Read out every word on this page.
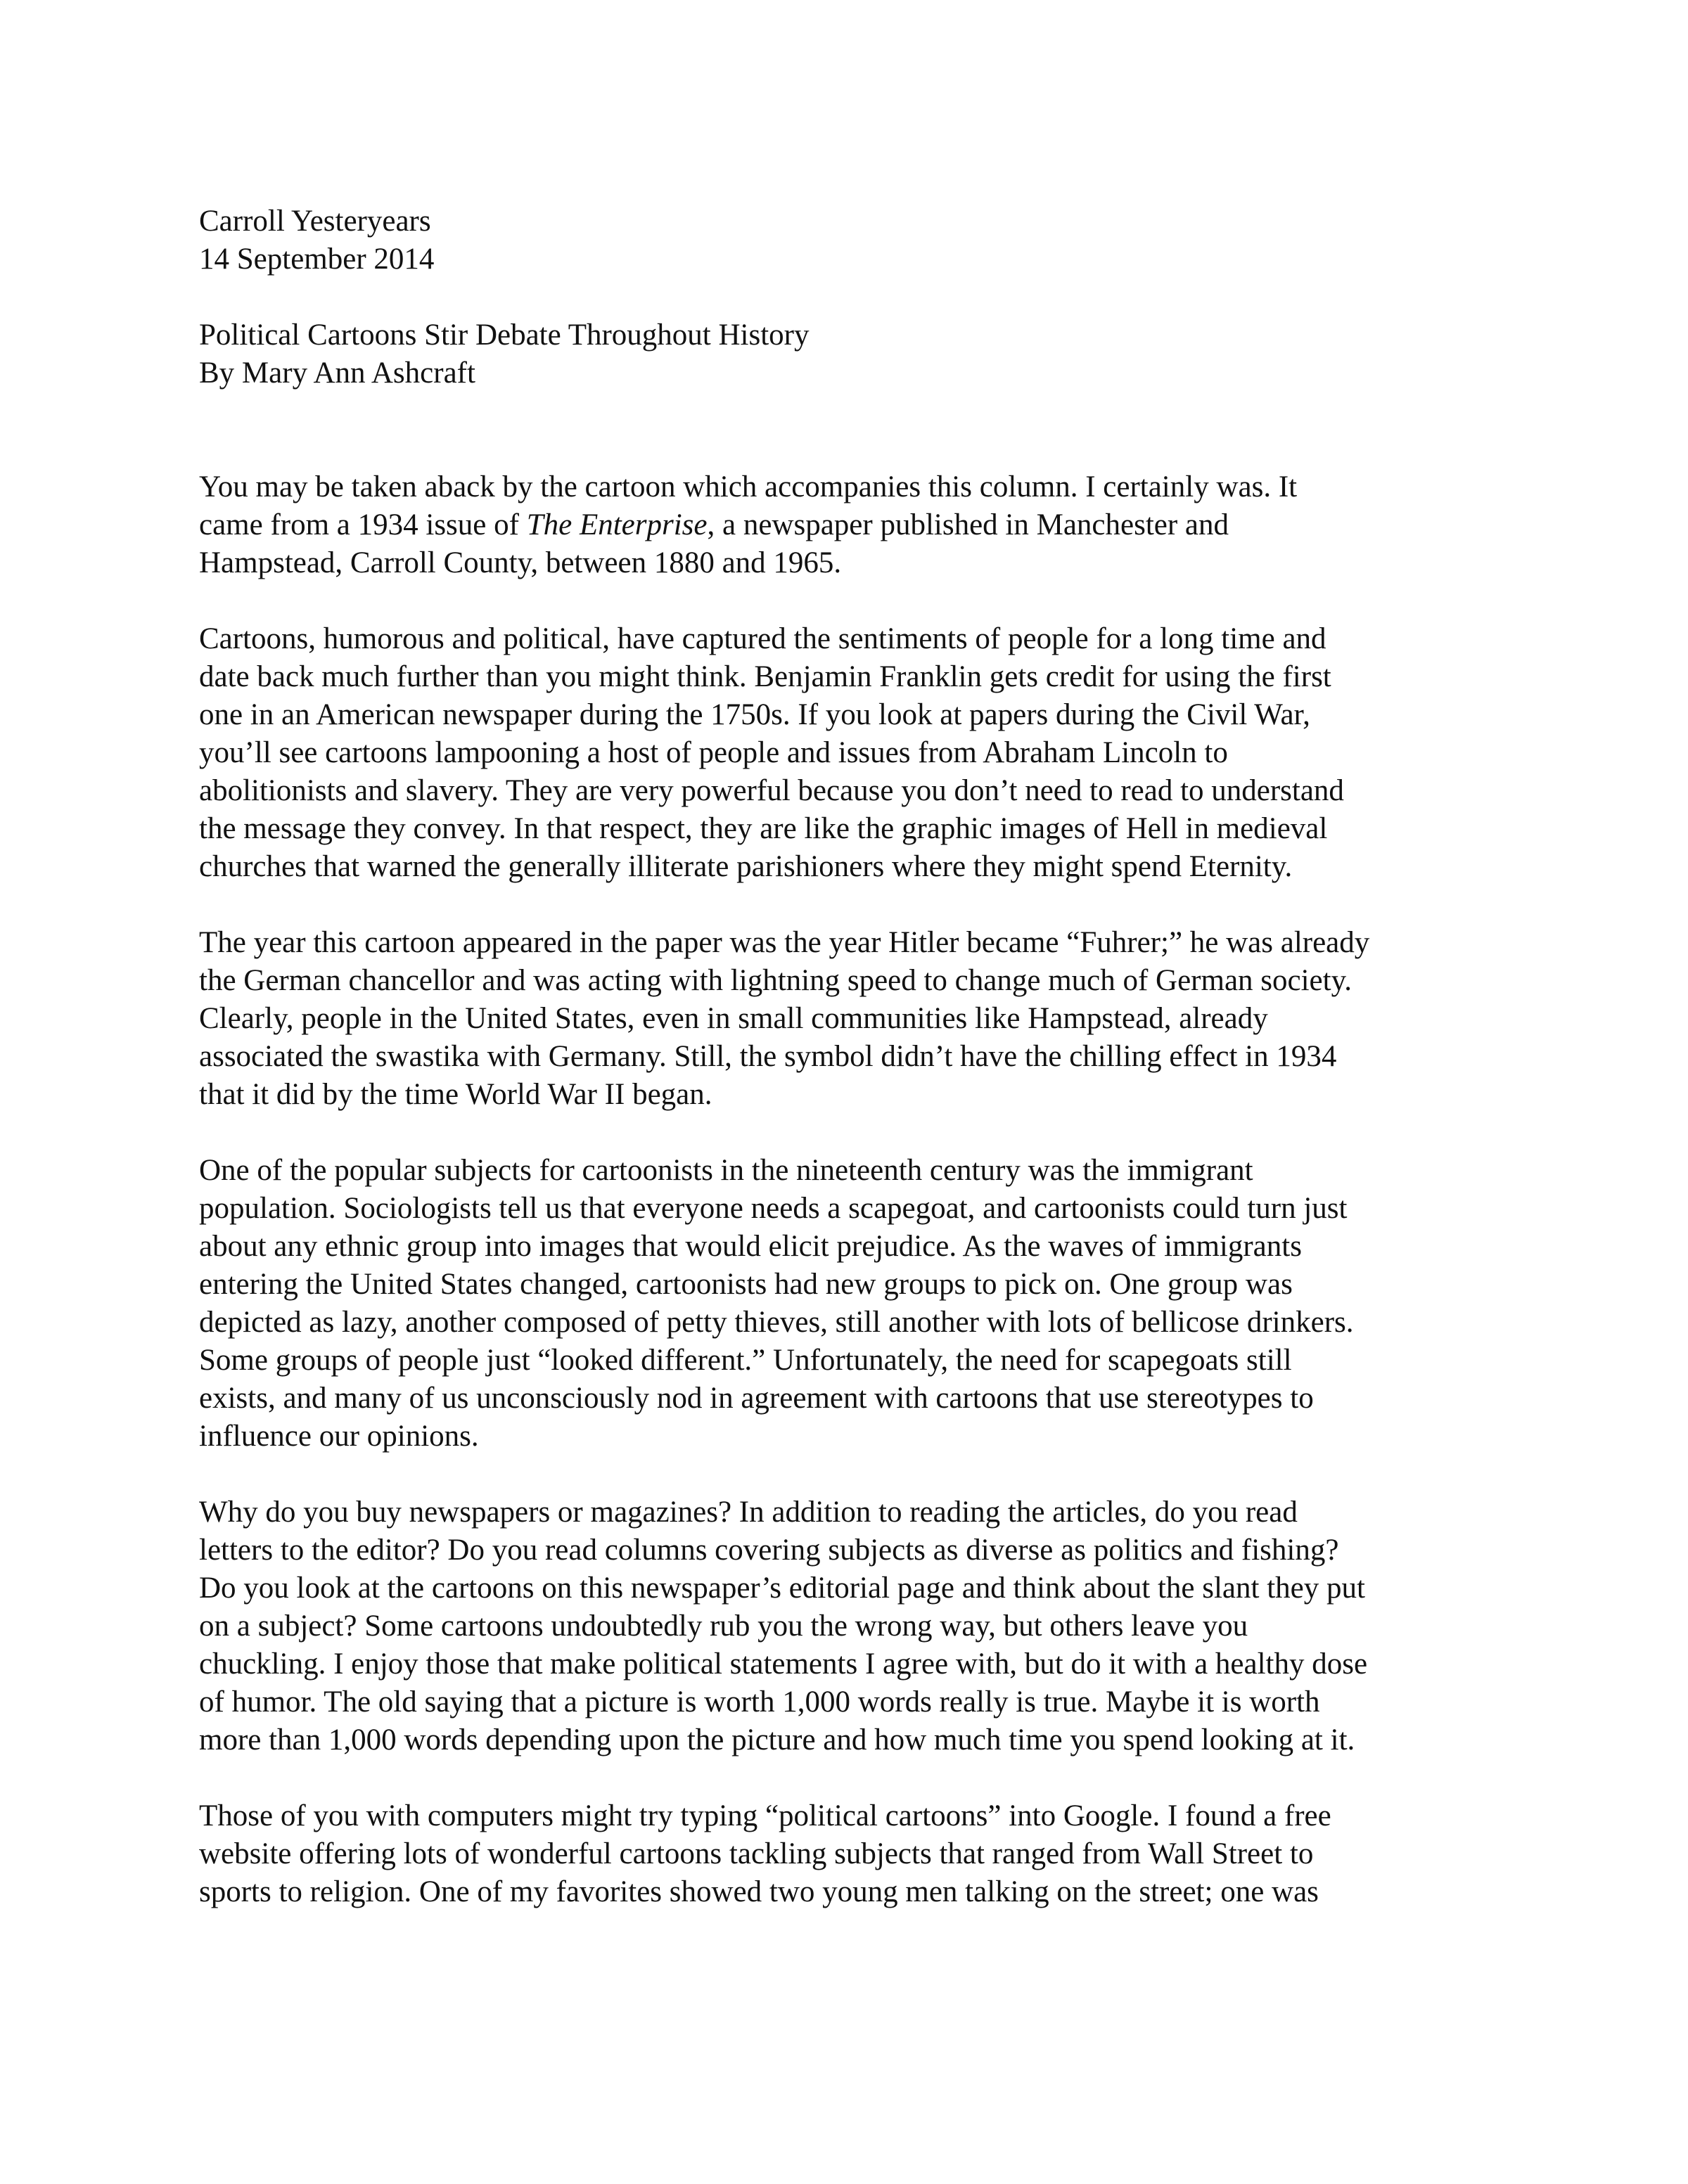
Carroll Yesteryears
14 September 2014
Political Cartoons Stir Debate Throughout History
By Mary Ann Ashcraft
You may be taken aback by the cartoon which accompanies this column. I certainly was. It
came from a 1934 issue of The Enterprise, a newspaper published in Manchester and
Hampstead, Carroll County, between 1880 and 1965.
Cartoons, humorous and political, have captured the sentiments of people for a long time and
date back much further than you might think. Benjamin Franklin gets credit for using the first
one in an American newspaper during the 1750s. If you look at papers during the Civil War,
you’ll see cartoons lampooning a host of people and issues from Abraham Lincoln to
abolitionists and slavery. They are very powerful because you don’t need to read to understand
the message they convey. In that respect, they are like the graphic images of Hell in medieval
churches that warned the generally illiterate parishioners where they might spend Eternity.
The year this cartoon appeared in the paper was the year Hitler became “Fuhrer;” he was already
the German chancellor and was acting with lightning speed to change much of German society.
Clearly, people in the United States, even in small communities like Hampstead, already
associated the swastika with Germany. Still, the symbol didn’t have the chilling effect in 1934
that it did by the time World War II began.
One of the popular subjects for cartoonists in the nineteenth century was the immigrant
population. Sociologists tell us that everyone needs a scapegoat, and cartoonists could turn just
about any ethnic group into images that would elicit prejudice. As the waves of immigrants
entering the United States changed, cartoonists had new groups to pick on. One group was
depicted as lazy, another composed of petty thieves, still another with lots of bellicose drinkers.
Some groups of people just “looked different.” Unfortunately, the need for scapegoats still
exists, and many of us unconsciously nod in agreement with cartoons that use stereotypes to
influence our opinions.
Why do you buy newspapers or magazines? In addition to reading the articles, do you read
letters to the editor? Do you read columns covering subjects as diverse as politics and fishing?
Do you look at the cartoons on this newspaper’s editorial page and think about the slant they put
on a subject? Some cartoons undoubtedly rub you the wrong way, but others leave you
chuckling. I enjoy those that make political statements I agree with, but do it with a healthy dose
of humor. The old saying that a picture is worth 1,000 words really is true. Maybe it is worth
more than 1,000 words depending upon the picture and how much time you spend looking at it.
Those of you with computers might try typing “political cartoons” into Google. I found a free
website offering lots of wonderful cartoons tackling subjects that ranged from Wall Street to
sports to religion. One of my favorites showed two young men talking on the street; one was
